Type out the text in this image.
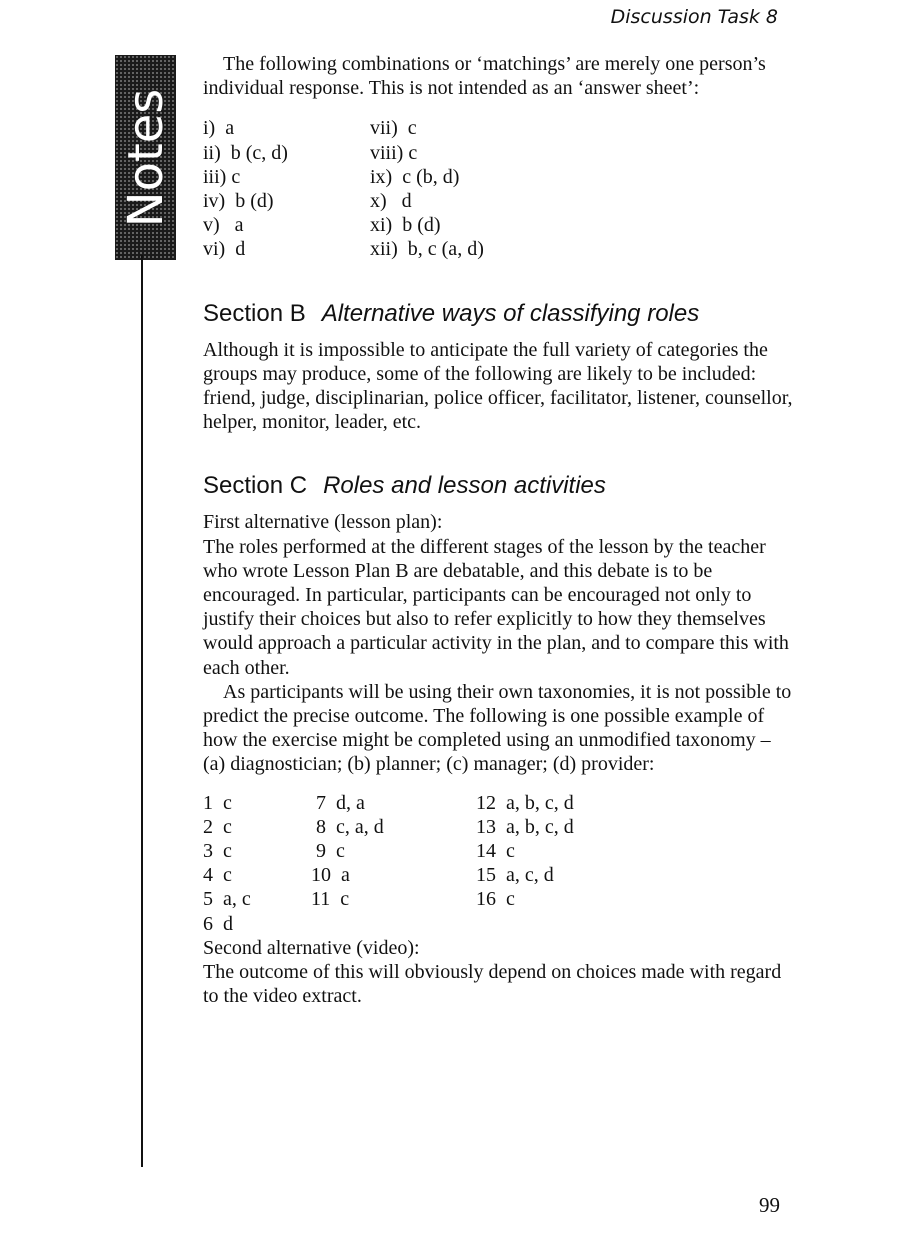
Discussion Task 8
Notes

The following combinations or ‘matchings’ are merely one person’s individual response. This is not intended as an ‘answer sheet’:

i)  a	vii)  c
ii)  b (c, d)	viii) c
iii) c	ix)  c (b, d)
iv)  b (d)	x)   d
v)   a	xi)  b (d)
vi)  d	xii)  b, c (a, d)
Section B Alternative ways of classifying roles

Although it is impossible to anticipate the full variety of categories the groups may produce, some of the following are likely to be included:

friend, judge, disciplinarian, police officer, facilitator, listener, counsellor, helper, monitor, leader, etc.

Section C Roles and lesson activities

First alternative (lesson plan):

The roles performed at the different stages of the lesson by the teacher who wrote Lesson Plan B are debatable, and this debate is to be encouraged. In particular, participants can be encouraged not only to justify their choices but also to refer explicitly to how they themselves would approach a particular activity in the plan, and to compare this with each other.

As participants will be using their own taxonomies, it is not possible to predict the precise outcome. The following is one possible example of how the exercise might be completed using an unmodified taxonomy – (a) diagnostician; (b) planner; (c) manager; (d) provider:

1  c	7  d, a	12  a, b, c, d
2  c	8  c, a, d	13  a, b, c, d
3  c	9  c	14  c
4  c	10  a	15  a, c, d
5  a, c	11  c	16  c
6  d

Second alternative (video):

The outcome of this will obviously depend on choices made with regard to the video extract.

99
